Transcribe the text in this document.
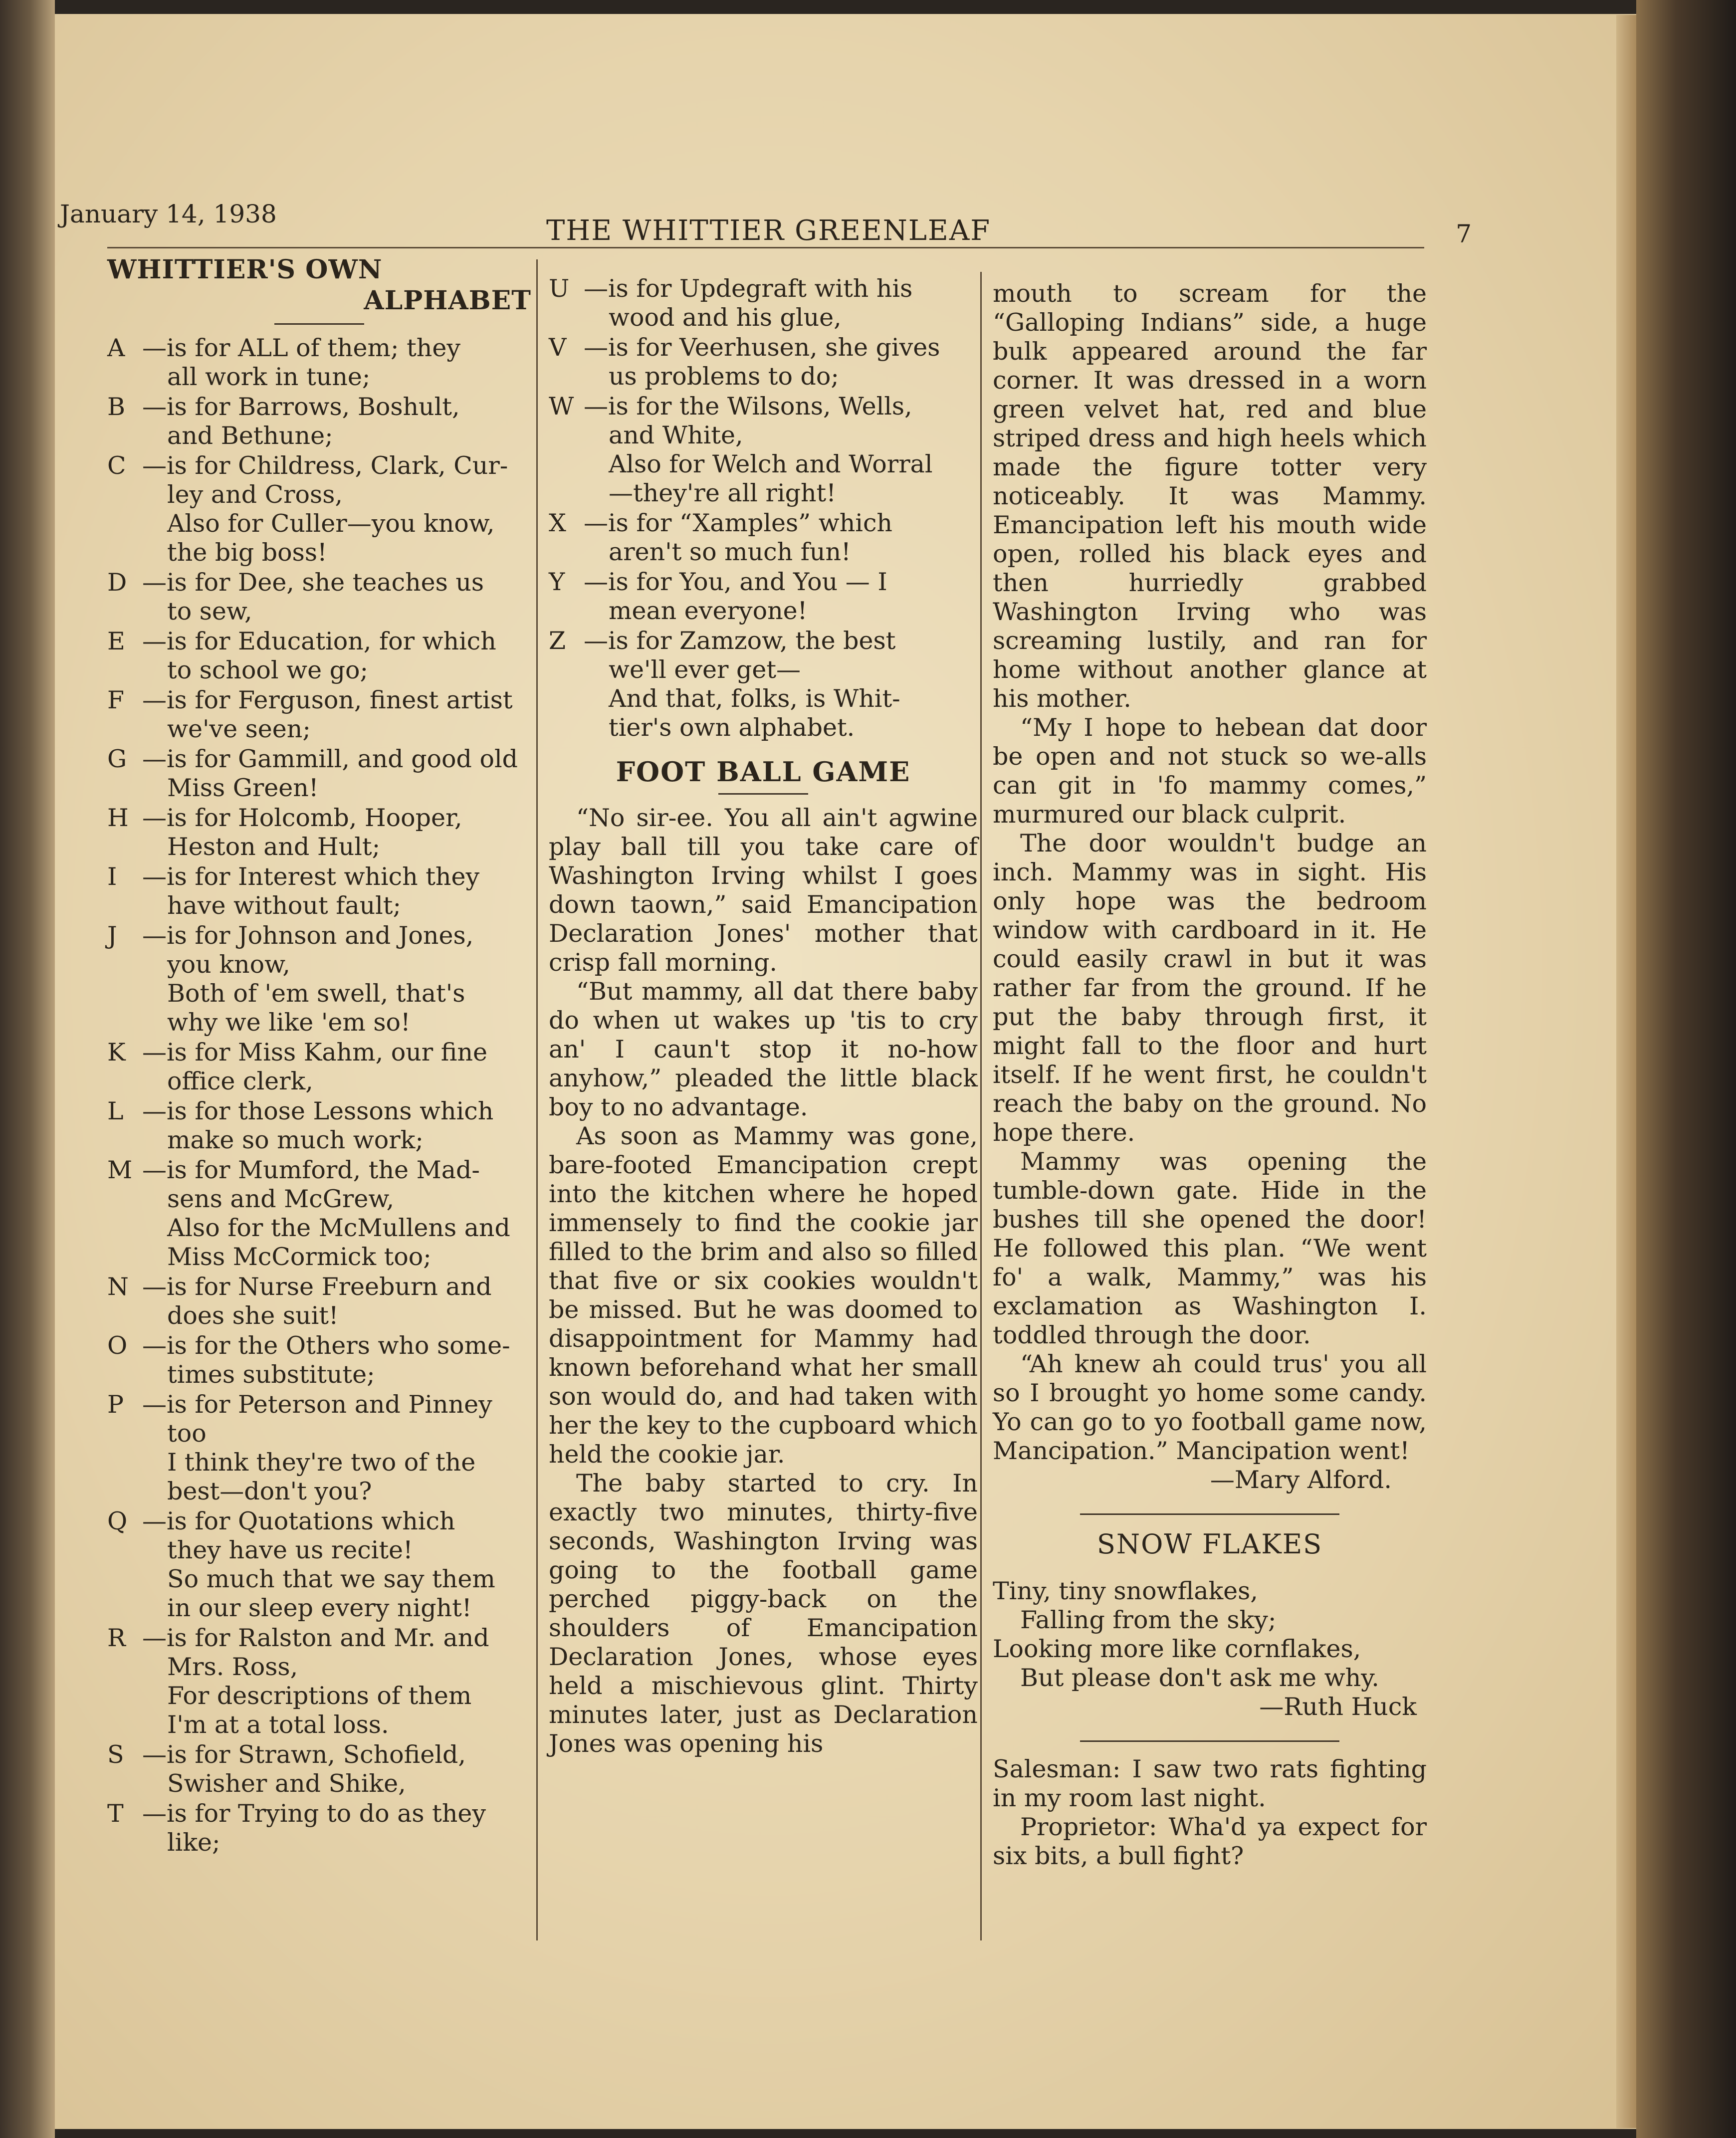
January 14, 1938
THE WHITTIER GREENLEAF	7
WHITTIER'S OWN
ALPHABET
A —is for ALL of them; they
all work in tune;
B —is for Barrows, Boshult,
and Bethune;
C —is for Childress, Clark, Cur-
ley and Cross,
Also for Culler—you know,
the big boss!
D —is for Dee, she teaches us
to sew,
E —is for Education, for which
to school we go;
F —is for Ferguson, finest artist
we've seen;
G —is for Gammill, and good old
Miss Green!
H —is for Holcomb, Hooper,
Heston and Hult;
I —is for Interest which they
have without fault;
J —is for Johnson and Jones,
you know,
Both of 'em swell, that's
why we like 'em so!
K —is for Miss Kahm, our fine
office clerk,
L —is for those Lessons which
make so much work;
M —is for Mumford, the Mad-
sens and McGrew,
Also for the McMullens and
Miss McCormick too;
N —is for Nurse Freeburn and
does she suit!
O —is for the Others who some-
times substitute;
P —is for Peterson and Pinney
too
I think they're two of the
best—don't you?
Q —is for Quotations which
they have us recite!
So much that we say them
in our sleep every night!
R —is for Ralston and Mr. and
Mrs. Ross,
For descriptions of them
I'm at a total loss.
S —is for Strawn, Schofield,
Swisher and Shike,
T —is for Trying to do as they
like;
U —is for Updegraft with his
wood and his glue,
V —is for Veerhusen, she gives
us problems to do;
W —is for the Wilsons, Wells,
and White,
Also for Welch and Worral
—they're all right!
X —is for “Xamples” which
aren't so much fun!
Y —is for You, and You — I
mean everyone!
Z —is for Zamzow, the best
we'll ever get—
And that, folks, is Whit-
tier's own alphabet.
FOOT BALL GAME

“No sir-ee. You all ain't agwine play ball till you take care of Washington Irving whilst I goes down taown,” said Emancipation Declaration Jones' mother that crisp fall morning.

“But mammy, all dat there baby do when ut wakes up 'tis to cry an' I caun't stop it no-how anyhow,” pleaded the little black boy to no advantage.

As soon as Mammy was gone, bare-footed Emancipation crept into the kitchen where he hoped immensely to find the cookie jar filled to the brim and also so filled that five or six cookies wouldn't be missed. But he was doomed to disappointment for Mammy had known beforehand what her small son would do, and had taken with her the key to the cupboard which held the cookie jar.

The baby started to cry. In exactly two minutes, thirty-five seconds, Washington Irving was going to the football game perched piggy-back on the shoulders of Emancipation Declaration Jones, whose eyes held a mischievous glint. Thirty minutes later, just as Declaration Jones was opening his

mouth to scream for the “Galloping Indians” side, a huge bulk appeared around the far corner. It was dressed in a worn green velvet hat, red and blue striped dress and high heels which made the figure totter very noticeably. It was Mammy. Emancipation left his mouth wide open, rolled his black eyes and then hurriedly grabbed Washington Irving who was screaming lustily, and ran for home without another glance at his mother.

“My I hope to hebean dat door be open and not stuck so we-alls can git in 'fo mammy comes,” murmured our black culprit.

The door wouldn't budge an inch. Mammy was in sight. His only hope was the bedroom window with cardboard in it. He could easily crawl in but it was rather far from the ground. If he put the baby through first, it might fall to the floor and hurt itself. If he went first, he couldn't reach the baby on the ground. No hope there.

Mammy was opening the tumble-down gate. Hide in the bushes till she opened the door! He followed this plan. “We went fo' a walk, Mammy,” was his exclamation as Washington I. toddled through the door.

“Ah knew ah could trus' you all so I brought yo home some candy. Yo can go to yo football game now, Mancipation.” Mancipation went!

—Mary Alford.
SNOW FLAKES
Tiny, tiny snowflakes,
Falling from the sky;
Looking more like cornflakes,
But please don't ask me why.
—Ruth Huck

Salesman: I saw two rats fighting in my room last night.

Proprietor: Wha'd ya expect for six bits, a bull fight?
